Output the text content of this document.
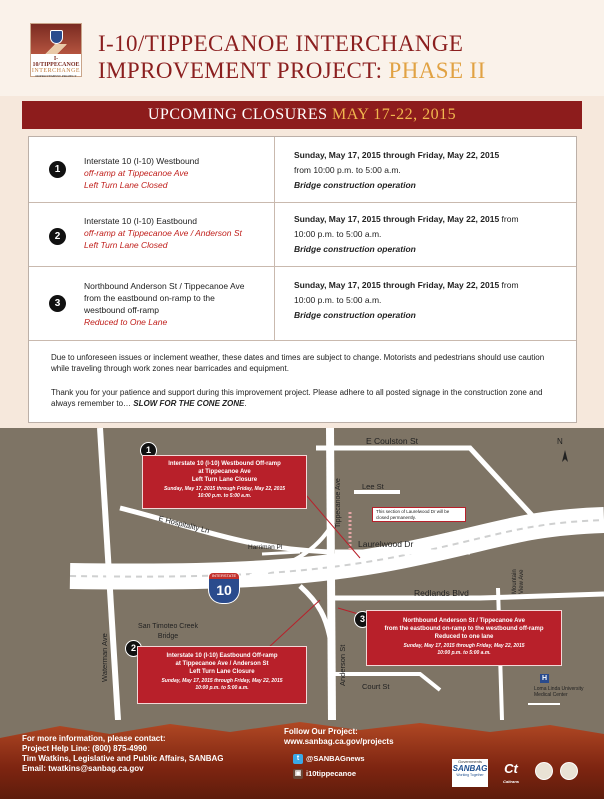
I-10/TIPPECANOE
INTERCHANGE
IMPROVEMENT PROJECT
I-10/TIPPECANOE INTERCHANGE
IMPROVEMENT PROJECT: PHASE II
UPCOMING CLOSURES MAY 17-22, 2015
1
Interstate 10 (I-10) Westbound
off-ramp at Tippecanoe Ave
Left Turn Lane Closed
Sunday, May 17, 2015 through Friday, May 22, 2015
from 10:00 p.m. to 5:00 a.m.
Bridge construction operation
2
Interstate 10 (I-10) Eastbound
off-ramp at Tippecanoe Ave / Anderson St
Left Turn Lane Closed
Sunday, May 17, 2015 through Friday, May 22, 2015 from
10:00 p.m. to 5:00 a.m.
Bridge construction operation
3
Northbound Anderson St / Tippecanoe Ave
from the eastbound on-ramp to the
westbound off-ramp
Reduced to One Lane
Sunday, May 17, 2015 through Friday, May 22, 2015 from
10:00 p.m. to 5:00 a.m.
Bridge construction operation
Due to unforeseen issues or inclement weather, these dates and times are subject to change. Motorists and pedestrians should use caution while traveling through work zones near barricades and equipment.
Thank you for your patience and support during this improvement project. Please adhere to all posted signage in the construction zone and always remember to… SLOW FOR THE CONE ZONE.
E Coulston St
Lee St
Tippecanoe Ave
Laurelwood Dr
E Hospitality Ln
Harriman Pl
Redlands Blvd	Mountain View Ave
San Timoteo Creek Bridge
Waterman Ave	Anderson St
Court St
N
H
Loma Linda University Medical Center
INTERSTATE
10
This section of Laurelwood Dr will be closed permanently.
1
Interstate 10 (I-10) Westbound Off-ramp
at Tippecanoe Ave
Left Turn Lane Closure
Sunday, May 17, 2015 through Friday, May 22, 2015
10:00 p.m. to 5:00 a.m.
2
Interstate 10 (I-10) Eastbound Off-ramp
at Tippecanoe Ave / Anderson St
Left Turn Lane Closure
Sunday, May 17, 2015 through Friday, May 22, 2015
10:00 p.m. to 5:00 a.m.
3	Northbound Anderson St / Tippecanoe Ave
from the eastbound on-ramp to the westbound off-ramp
Reduced to one lane
Sunday, May 17, 2015 through Friday, May 22, 2015
10:00 p.m. to 5:00 a.m.
For more information, please contact:
Project Help Line: (800) 875-4990
Tim Watkins, Legislative and Public Affairs, SANBAG
Email: twatkins@sanbag.ca.gov
Follow Our Project:
www.sanbag.ca.gov/projects
t @SANBAGnews
▣ i10tippecanoe
Governments
SANBAG
Working Together	Ct
Caltrans
